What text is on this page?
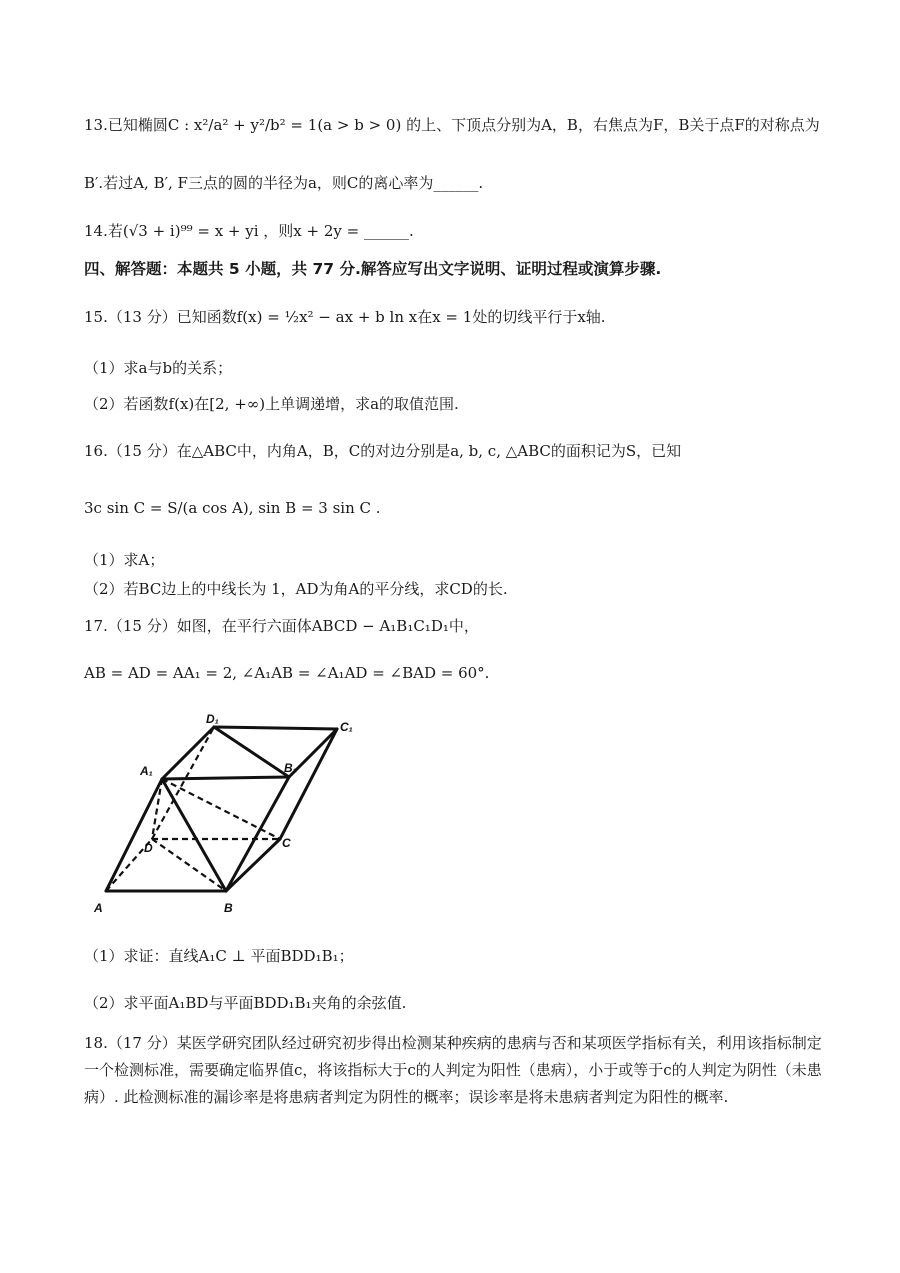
13.已知椭圆C : x²/a² + y²/b² = 1(a > b > 0) 的上、下顶点分别为A，B，右焦点为F，B关于点F的对称点为
B′.若过A, B′, F三点的圆的半径为a，则C的离心率为______.
14.若(√3 + i)⁹⁹ = x + yi ，则x + 2y = ______.
四、解答题：本题共 5 小题，共 77 分.解答应写出文字说明、证明过程或演算步骤.
15.（13 分）已知函数f(x) = ½x² − ax + b ln x在x = 1处的切线平行于x轴.
（1）求a与b的关系；
（2）若函数f(x)在[2, +∞)上单调递增，求a的取值范围.
16.（15 分）在△ABC中，内角A，B，C的对边分别是a, b, c, △ABC的面积记为S，已知
3c sin C = S/(a cos A), sin B = 3 sin C .
（1）求A；
（2）若BC边上的中线长为 1，AD为角A的平分线，求CD的长.
17.（15 分）如图，在平行六面体ABCD − A₁B₁C₁D₁中，
AB = AD = AA₁ = 2, ∠A₁AB = ∠A₁AD = ∠BAD = 60°.
A	B
C
D
A₁	B₁
C₁
D₁
（1）求证：直线A₁C ⊥ 平面BDD₁B₁；
（2）求平面A₁BD与平面BDD₁B₁夹角的余弦值.
18.（17 分）某医学研究团队经过研究初步得出检测某种疾病的患病与否和某项医学指标有关，利用该指标制定一个检测标准，需要确定临界值c，将该指标大于c的人判定为阳性（患病），小于或等于c的人判定为阴性（未患病）. 此检测标准的漏诊率是将患病者判定为阴性的概率；误诊率是将未患病者判定为阳性的概率.
